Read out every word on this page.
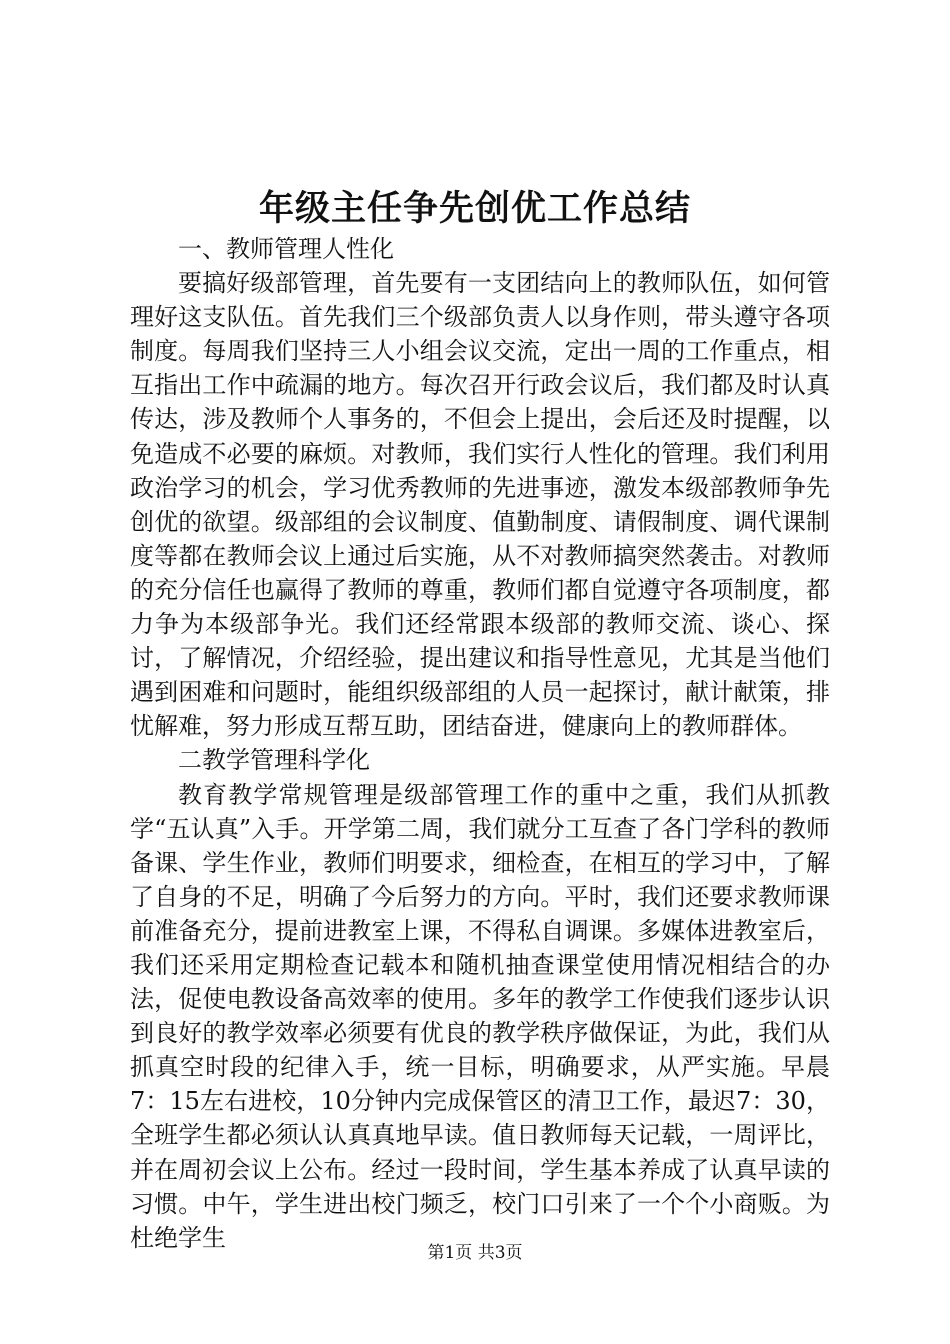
年级主任争先创优工作总结
一、教师管理人性化

要搞好级部管理，首先要有一支团结向上的教师队伍，如何管理好这支队伍。首先我们三个级部负责人以身作则，带头遵守各项制度。每周我们坚持三人小组会议交流，定出一周的工作重点，相互指出工作中疏漏的地方。每次召开行政会议后，我们都及时认真传达，涉及教师个人事务的，不但会上提出，会后还及时提醒，以免造成不必要的麻烦。对教师，我们实行人性化的管理。我们利用政治学习的机会，学习优秀教师的先进事迹，激发本级部教师争先创优的欲望。级部组的会议制度、值勤制度、请假制度、调代课制度等都在教师会议上通过后实施，从不对教师搞突然袭击。对教师的充分信任也赢得了教师的尊重，教师们都自觉遵守各项制度，都力争为本级部争光。我们还经常跟本级部的教师交流、谈心、探讨，了解情况，介绍经验，提出建议和指导性意见，尤其是当他们遇到困难和问题时，能组织级部组的人员一起探讨，献计献策，排忧解难，努力形成互帮互助，团结奋进，健康向上的教师群体。

二教学管理科学化

教育教学常规管理是级部管理工作的重中之重，我们从抓教学“五认真”入手。开学第二周，我们就分工互查了各门学科的教师备课、学生作业，教师们明要求，细检查，在相互的学习中，了解了自身的不足，明确了今后努力的方向。平时，我们还要求教师课前准备充分，提前进教室上课，不得私自调课。多媒体进教室后，我们还采用定期检查记载本和随机抽查课堂使用情况相结合的办法，促使电教设备高效率的使用。多年的教学工作使我们逐步认识到良好的教学效率必须要有优良的教学秩序做保证，为此，我们从抓真空时段的纪律入手，统一目标，明确要求，从严实施。早晨7：15左右进校，10分钟内完成保管区的清卫工作，最迟7：30，全班学生都必须认认真真地早读。值日教师每天记载，一周评比，并在周初会议上公布。经过一段时间，学生基本养成了认真早读的习惯。中午，学生进出校门频乏，校门口引来了一个个小商贩。为杜绝学生

第1页 共3页
